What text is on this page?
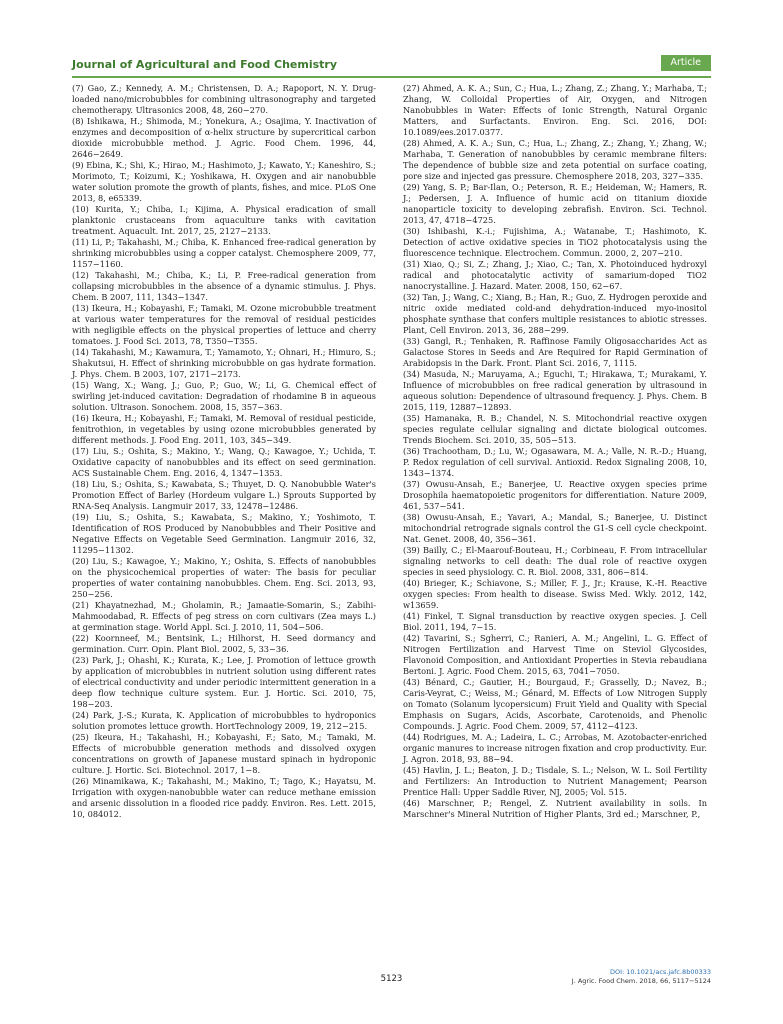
Journal of Agricultural and Food Chemistry	Article

(7) Gao, Z.; Kennedy, A. M.; Christensen, D. A.; Rapoport, N. Y. Drug-loaded nano/microbubbles for combining ultrasonography and targeted chemotherapy. Ultrasonics 2008, 48, 260−270.

(8) Ishikawa, H.; Shimoda, M.; Yonekura, A.; Osajima, Y. Inactivation of enzymes and decomposition of α-helix structure by supercritical carbon dioxide microbubble method. J. Agric. Food Chem. 1996, 44, 2646−2649.

(9) Ebina, K.; Shi, K.; Hirao, M.; Hashimoto, J.; Kawato, Y.; Kaneshiro, S.; Morimoto, T.; Koizumi, K.; Yoshikawa, H. Oxygen and air nanobubble water solution promote the growth of plants, fishes, and mice. PLoS One 2013, 8, e65339.

(10) Kurita, Y.; Chiba, I.; Kijima, A. Physical eradication of small planktonic crustaceans from aquaculture tanks with cavitation treatment. Aquacult. Int. 2017, 25, 2127−2133.

(11) Li, P.; Takahashi, M.; Chiba, K. Enhanced free-radical generation by shrinking microbubbles using a copper catalyst. Chemosphere 2009, 77, 1157−1160.

(12) Takahashi, M.; Chiba, K.; Li, P. Free-radical generation from collapsing microbubbles in the absence of a dynamic stimulus. J. Phys. Chem. B 2007, 111, 1343−1347.

(13) Ikeura, H.; Kobayashi, F.; Tamaki, M. Ozone microbubble treatment at various water temperatures for the removal of residual pesticides with negligible effects on the physical properties of lettuce and cherry tomatoes. J. Food Sci. 2013, 78, T350−T355.

(14) Takahashi, M.; Kawamura, T.; Yamamoto, Y.; Ohnari, H.; Himuro, S.; Shakutsui, H. Effect of shrinking microbubble on gas hydrate formation. J. Phys. Chem. B 2003, 107, 2171−2173.

(15) Wang, X.; Wang, J.; Guo, P.; Guo, W.; Li, G. Chemical effect of swirling jet-induced cavitation: Degradation of rhodamine B in aqueous solution. Ultrason. Sonochem. 2008, 15, 357−363.

(16) Ikeura, H.; Kobayashi, F.; Tamaki, M. Removal of residual pesticide, fenitrothion, in vegetables by using ozone microbubbles generated by different methods. J. Food Eng. 2011, 103, 345−349.

(17) Liu, S.; Oshita, S.; Makino, Y.; Wang, Q.; Kawagoe, Y.; Uchida, T. Oxidative capacity of nanobubbles and its effect on seed germination. ACS Sustainable Chem. Eng. 2016, 4, 1347−1353.

(18) Liu, S.; Oshita, S.; Kawabata, S.; Thuyet, D. Q. Nanobubble Water's Promotion Effect of Barley (Hordeum vulgare L.) Sprouts Supported by RNA-Seq Analysis. Langmuir 2017, 33, 12478−12486.

(19) Liu, S.; Oshita, S.; Kawabata, S.; Makino, Y.; Yoshimoto, T. Identification of ROS Produced by Nanobubbles and Their Positive and Negative Effects on Vegetable Seed Germination. Langmuir 2016, 32, 11295−11302.

(20) Liu, S.; Kawagoe, Y.; Makino, Y.; Oshita, S. Effects of nanobubbles on the physicochemical properties of water: The basis for peculiar properties of water containing nanobubbles. Chem. Eng. Sci. 2013, 93, 250−256.

(21) Khayatnezhad, M.; Gholamin, R.; Jamaatie-Somarin, S.; Zabihi-Mahmoodabad, R. Effects of peg stress on corn cultivars (Zea mays L.) at germination stage. World Appl. Sci. J. 2010, 11, 504−506.

(22) Koornneef, M.; Bentsink, L.; Hilhorst, H. Seed dormancy and germination. Curr. Opin. Plant Biol. 2002, 5, 33−36.

(23) Park, J.; Ohashi, K.; Kurata, K.; Lee, J. Promotion of lettuce growth by application of microbubbles in nutrient solution using different rates of electrical conductivity and under periodic intermittent generation in a deep flow technique culture system. Eur. J. Hortic. Sci. 2010, 75, 198−203.

(24) Park, J.-S.; Kurata, K. Application of microbubbles to hydroponics solution promotes lettuce growth. HortTechnology 2009, 19, 212−215.

(25) Ikeura, H.; Takahashi, H.; Kobayashi, F.; Sato, M.; Tamaki, M. Effects of microbubble generation methods and dissolved oxygen concentrations on growth of Japanese mustard spinach in hydroponic culture. J. Hortic. Sci. Biotechnol. 2017, 1−8.

(26) Minamikawa, K.; Takahashi, M.; Makino, T.; Tago, K.; Hayatsu, M. Irrigation with oxygen-nanobubble water can reduce methane emission and arsenic dissolution in a flooded rice paddy. Environ. Res. Lett. 2015, 10, 084012.

(27) Ahmed, A. K. A.; Sun, C.; Hua, L.; Zhang, Z.; Zhang, Y.; Marhaba, T.; Zhang, W. Colloidal Properties of Air, Oxygen, and Nitrogen Nanobubbles in Water: Effects of Ionic Strength, Natural Organic Matters, and Surfactants. Environ. Eng. Sci. 2016, DOI: 10.1089/ees.2017.0377.

(28) Ahmed, A. K. A.; Sun, C.; Hua, L.; Zhang, Z.; Zhang, Y.; Zhang, W.; Marhaba, T. Generation of nanobubbles by ceramic membrane filters: The dependence of bubble size and zeta potential on surface coating, pore size and injected gas pressure. Chemosphere 2018, 203, 327−335.

(29) Yang, S. P.; Bar-Ilan, O.; Peterson, R. E.; Heideman, W.; Hamers, R. J.; Pedersen, J. A. Influence of humic acid on titanium dioxide nanoparticle toxicity to developing zebrafish. Environ. Sci. Technol. 2013, 47, 4718−4725.

(30) Ishibashi, K.-i.; Fujishima, A.; Watanabe, T.; Hashimoto, K. Detection of active oxidative species in TiO2 photocatalysis using the fluorescence technique. Electrochem. Commun. 2000, 2, 207−210.

(31) Xiao, Q.; Si, Z.; Zhang, J.; Xiao, C.; Tan, X. Photoinduced hydroxyl radical and photocatalytic activity of samarium-doped TiO2 nanocrystalline. J. Hazard. Mater. 2008, 150, 62−67.

(32) Tan, J.; Wang, C.; Xiang, B.; Han, R.; Guo, Z. Hydrogen peroxide and nitric oxide mediated cold-and dehydration-induced myo-inositol phosphate synthase that confers multiple resistances to abiotic stresses. Plant, Cell Environ. 2013, 36, 288−299.

(33) Gangl, R.; Tenhaken, R. Raffinose Family Oligosaccharides Act as Galactose Stores in Seeds and Are Required for Rapid Germination of Arabidopsis in the Dark. Front. Plant Sci. 2016, 7, 1115.

(34) Masuda, N.; Maruyama, A.; Eguchi, T.; Hirakawa, T.; Murakami, Y. Influence of microbubbles on free radical generation by ultrasound in aqueous solution: Dependence of ultrasound frequency. J. Phys. Chem. B 2015, 119, 12887−12893.

(35) Hamanaka, R. B.; Chandel, N. S. Mitochondrial reactive oxygen species regulate cellular signaling and dictate biological outcomes. Trends Biochem. Sci. 2010, 35, 505−513.

(36) Trachootham, D.; Lu, W.; Ogasawara, M. A.; Valle, N. R.-D.; Huang, P. Redox regulation of cell survival. Antioxid. Redox Signaling 2008, 10, 1343−1374.

(37) Owusu-Ansah, E.; Banerjee, U. Reactive oxygen species prime Drosophila haematopoietic progenitors for differentiation. Nature 2009, 461, 537−541.

(38) Owusu-Ansah, E.; Yavari, A.; Mandal, S.; Banerjee, U. Distinct mitochondrial retrograde signals control the G1-S cell cycle checkpoint. Nat. Genet. 2008, 40, 356−361.

(39) Bailly, C.; El-Maarouf-Bouteau, H.; Corbineau, F. From intracellular signaling networks to cell death: The dual role of reactive oxygen species in seed physiology. C. R. Biol. 2008, 331, 806−814.

(40) Brieger, K.; Schiavone, S.; Miller, F. J., Jr.; Krause, K.-H. Reactive oxygen species: From health to disease. Swiss Med. Wkly. 2012, 142, w13659.

(41) Finkel, T. Signal transduction by reactive oxygen species. J. Cell Biol. 2011, 194, 7−15.

(42) Tavarini, S.; Sgherri, C.; Ranieri, A. M.; Angelini, L. G. Effect of Nitrogen Fertilization and Harvest Time on Steviol Glycosides, Flavonoid Composition, and Antioxidant Properties in Stevia rebaudiana Bertoni. J. Agric. Food Chem. 2015, 63, 7041−7050.

(43) Bénard, C.; Gautier, H.; Bourgaud, F.; Grasselly, D.; Navez, B.; Caris-Veyrat, C.; Weiss, M.; Génard, M. Effects of Low Nitrogen Supply on Tomato (Solanum lycopersicum) Fruit Yield and Quality with Special Emphasis on Sugars, Acids, Ascorbate, Carotenoids, and Phenolic Compounds. J. Agric. Food Chem. 2009, 57, 4112−4123.

(44) Rodrigues, M. A.; Ladeira, L. C.; Arrobas, M. Azotobacter-enriched organic manures to increase nitrogen fixation and crop productivity. Eur. J. Agron. 2018, 93, 88−94.

(45) Havlin, J. L.; Beaton, J. D.; Tisdale, S. L.; Nelson, W. L. Soil Fertility and Fertilizers: An Introduction to Nutrient Management; Pearson Prentice Hall: Upper Saddle River, NJ, 2005; Vol. 515.

(46) Marschner, P.; Rengel, Z. Nutrient availability in soils. In Marschner's Mineral Nutrition of Higher Plants, 3rd ed.; Marschner, P.,

5123
DOI: 10.1021/acs.jafc.8b00333
J. Agric. Food Chem. 2018, 66, 5117−5124
